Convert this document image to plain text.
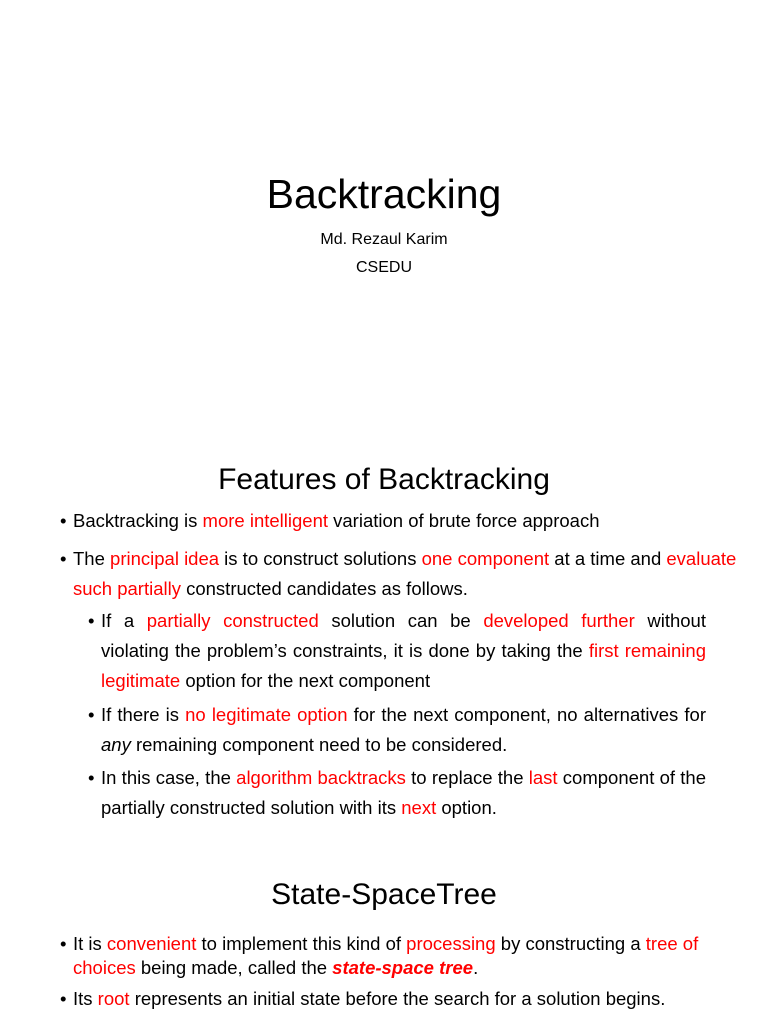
Backtracking
Md. Rezaul Karim
CSEDU
Features of Backtracking
• Backtracking is more intelligent variation of brute force approach
• The principal idea is to construct solutions one component at a time and evaluate such partially constructed candidates as follows.
• If a partially constructed solution can be developed further without violating the problem’s constraints, it is done by taking the first remaining legitimate option for the next component
• If there is no legitimate option for the next component, no alternatives for any remaining component need to be considered.
• In this case, the algorithm backtracks to replace the last component of the partially constructed solution with its next option.
State-SpaceTree
• It is convenient to implement this kind of processing by constructing a tree of choices being made, called the state-space tree.
• Its root represents an initial state before the search for a solution begins.
